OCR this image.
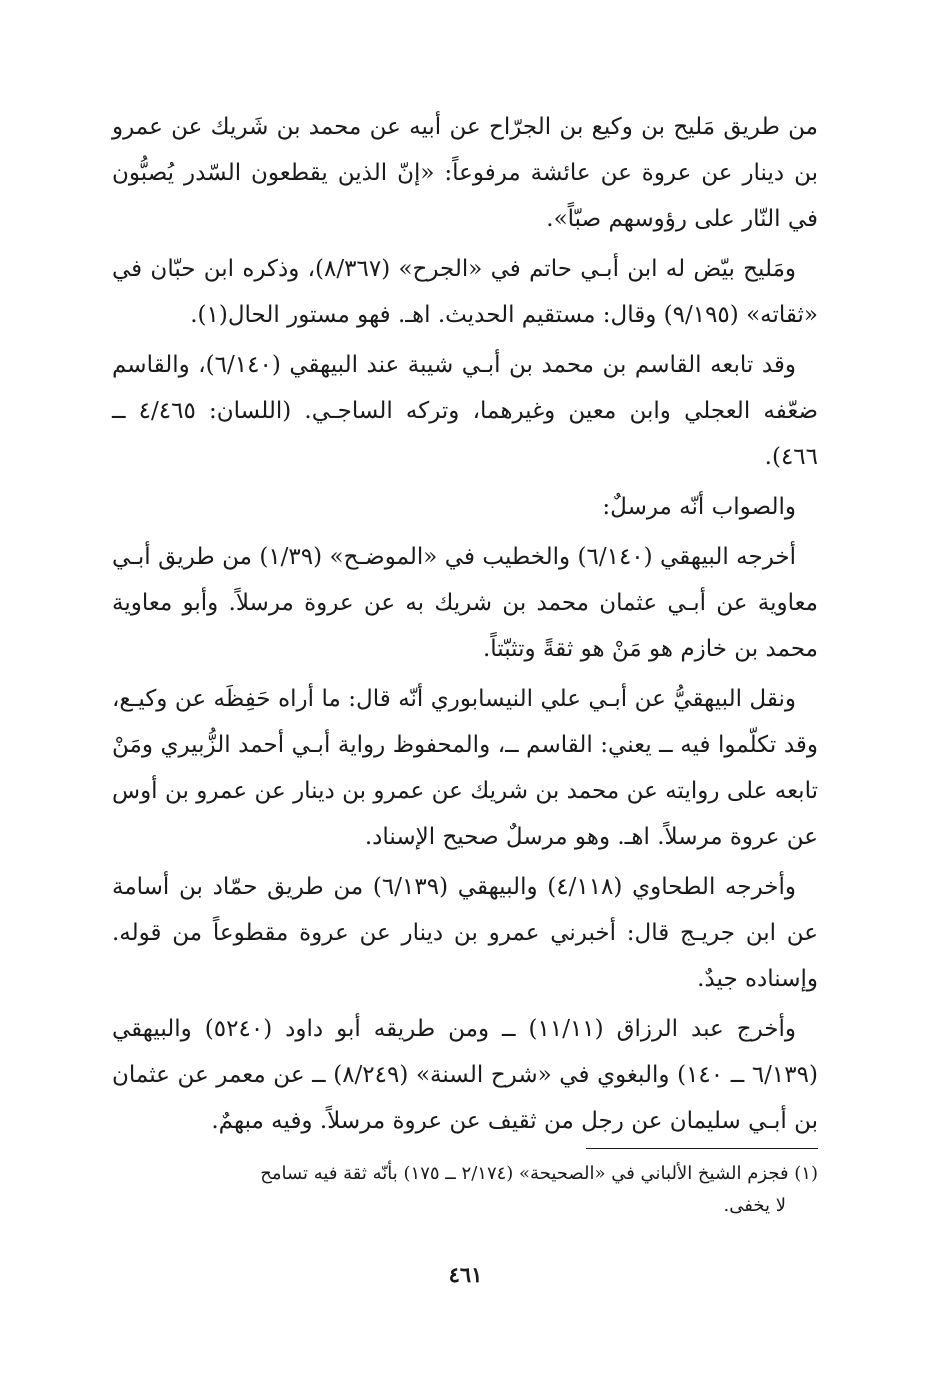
من طريق مَليح بن وكيع بن الجرّاح عن أبيه عن محمد بن شَريك عن عمرو بن دينار عن عروة عن عائشة مرفوعاً: «إنّ الذين يقطعون السّدر يُصبُّون في النّار على رؤوسهم صبّاً».

ومَليح بيّض له ابن أبـي حاتم في «الجرح» (٨/٣٦٧)، وذكره ابن حبّان في «ثقاته» (٩/١٩٥) وقال: مستقيم الحديث. اهـ. فهو مستور الحال(١).

وقد تابعه القاسم بن محمد بن أبـي شيبة عند البيهقي (٦/١٤٠)، والقاسم ضعّفه العجلي وابن معين وغيرهما، وتركه الساجـي. (اللسان: ٤/٤٦٥ ــ ٤٦٦).

والصواب أنّه مرسلٌ:

أخرجه البيهقي (٦/١٤٠) والخطيب في «الموضـح» (١/٣٩) من طريق أبـي معاوية عن أبـي عثمان محمد بن شريك به عن عروة مرسلاً. وأبو معاوية محمد بن خازم هو مَنْ هو ثقةً وتثبّتاً.

ونقل البيهقيُّ عن أبـي علي النيسابوري أنّه قال: ما أراه حَفِظَه عن وكيـع، وقد تكلّموا فيه ــ يعني: القاسم ــ، والمحفوظ رواية أبـي أحمد الزُّبيري ومَنْ تابعه على روايته عن محمد بن شريك عن عمرو بن دينار عن عمرو بن أوس عن عروة مرسلاً. اهـ. وهو مرسلٌ صحيح الإسناد.

وأخرجه الطحاوي (٤/١١٨) والبيهقي (٦/١٣٩) من طريق حمّاد بن أسامة عن ابن جريـج قال: أخبرني عمرو بن دينار عن عروة مقطوعاً من قوله. وإسناده جيدٌ.

وأخرج عبد الرزاق (١١/١١) ــ ومن طريقه أبو داود (٥٢٤٠) والبيهقي (٦/١٣٩ ــ ١٤٠) والبغوي في «شرح السنة» (٨/٢٤٩) ــ عن معمر عن عثمان بن أبـي سليمان عن رجل من ثقيف عن عروة مرسلاً. وفيه مبهمٌ.

(١) فجزم الشيخ الألباني في «الصحيحة» (٢/١٧٤ ــ ١٧٥) بأنّه ثقة فيه تسامح
لا يخفى.
٤٦١
